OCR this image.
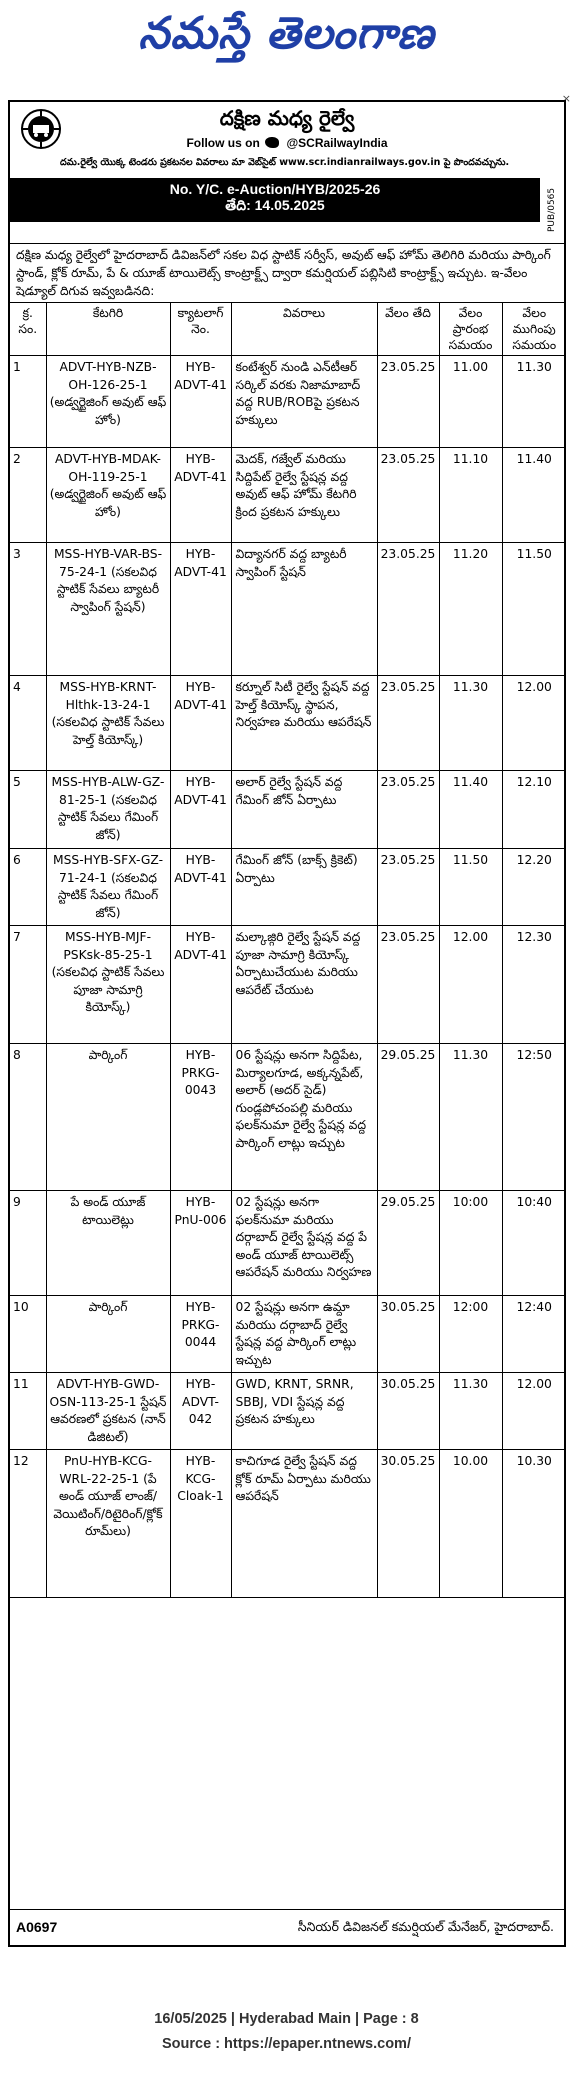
నమస్తే తెలంగాణ
×
దక్షిణ మధ్య రైల్వే
Follow us on @SCRailwayIndia
దమ.రైల్వే యొక్క టెండరు ప్రకటనల వివరాలు మా వెబ్‌సైట్ www.scr.indianrailways.gov.in పై పొందవచ్చును.
No. Y/C. e-Auction/HYB/2025-26
తేది: 14.05.2025	PUB/0565
దక్షిణ మధ్య రైల్వేలో హైదరాబాద్ డివిజన్‌లో సకల విధ స్టాటిక్ సర్వీస్, అవుట్ ఆఫ్ హోమ్ తెలిగిరి మరియు పార్కింగ్ స్టాండ్, క్లోక్ రూమ్, పే & యూజ్ టాయిలెట్స్ కాంట్రాక్ట్స్ ద్వారా కమర్షియల్ పబ్లిసిటి కాంట్రాక్ట్స్ ఇచ్చుట. ఇ-వేలం షెడ్యూల్ దిగువ ఇవ్వబడినది:
క్ర. సం.	కేటగిరి	క్యాటలాగ్ నెం.	వివరాలు	వేలం తేది	వేలం ప్రారంభ సమయం	వేలం ముగింపు సమయం
1	ADVT-HYB-NZB-OH-126-25-1 (అడ్వర్టైజింగ్ అవుట్ ఆఫ్ హోం)	HYB-ADVT-41	కంటేశ్వర్ నుండి ఎన్‌టీఆర్ సర్కిల్ వరకు నిజామాబాద్ వద్ద RUB/ROBపై ప్రకటన హక్కులు	23.05.25	11.00	11.30
2	ADVT-HYB-MDAK-OH-119-25-1 (అడ్వర్టైజింగ్ అవుట్ ఆఫ్ హోం)	HYB-ADVT-41	మెదక్, గజ్వేల్ మరియు సిద్దిపేట్ రైల్వే స్టేషన్ల వద్ద అవుట్ ఆఫ్ హోమ్ కేటగిరి క్రింద ప్రకటన హక్కులు	23.05.25	11.10	11.40
3	MSS-HYB-VAR-BS-75-24-1 (సకలవిధ స్టాటిక్ సేవలు బ్యాటరీ స్వాపింగ్ స్టేషన్)	HYB-ADVT-41	విద్యానగర్ వద్ద బ్యాటరీ స్వాపింగ్ స్టేషన్	23.05.25	11.20	11.50
4	MSS-HYB-KRNT-Hlthk-13-24-1 (సకలవిధ స్టాటిక్ సేవలు హెల్త్ కియోస్క్)	HYB-ADVT-41	కర్నూల్ సిటీ రైల్వే స్టేషన్ వద్ద హెల్త్ కియోస్క్ స్థాపన, నిర్వహణ మరియు ఆపరేషన్	23.05.25	11.30	12.00
5	MSS-HYB-ALW-GZ-81-25-1 (సకలవిధ స్టాటిక్ సేవలు గేమింగ్ జోన్)	HYB-ADVT-41	అలార్ రైల్వే స్టేషన్ వద్ద గేమింగ్ జోన్ ఏర్పాటు	23.05.25	11.40	12.10
6	MSS-HYB-SFX-GZ-71-24-1 (సకలవిధ స్టాటిక్ సేవలు గేమింగ్ జోన్)	HYB-ADVT-41	గేమింగ్ జోన్ (బాక్స్ క్రికెట్) ఏర్పాటు	23.05.25	11.50	12.20
7	MSS-HYB-MJF-PSKsk-85-25-1 (సకలవిధ స్టాటిక్ సేవలు పూజా సామాగ్రి కియోస్క్)	HYB-ADVT-41	మల్కాజ్గిరి రైల్వే స్టేషన్ వద్ద పూజా సామాగ్రి కియోస్క్ ఏర్పాటుచేయుట మరియు ఆపరేట్ చేయుట	23.05.25	12.00	12.30
8	పార్కింగ్	HYB-PRKG-0043	06 స్టేషన్లు అనగా సిద్దిపేట, మిర్యాలగూడ, అక్కన్నపేట్, అలార్ (అదర్ సైడ్) గుండ్లపోచంపల్లి మరియు ఫలక్‌నుమా రైల్వే స్టేషన్ల వద్ద పార్కింగ్ లాట్లు ఇచ్చుట	29.05.25	11.30	12:50
9	పే అండ్ యూజ్ టాయిలెట్లు	HYB-PnU-006	02 స్టేషన్లు అనగా ఫలక్‌నుమా మరియు దర్గాబాద్ రైల్వే స్టేషన్ల వద్ద పే అండ్ యూజ్ టాయిలెట్స్ ఆపరేషన్ మరియు నిర్వహణ	29.05.25	10:00	10:40
10	పార్కింగ్	HYB-PRKG-0044	02 స్టేషన్లు అనగా ఉమ్దా మరియు దర్గాబాద్ రైల్వే స్టేషన్ల వద్ద పార్కింగ్ లాట్లు ఇచ్చుట	30.05.25	12:00	12:40
11	ADVT-HYB-GWD-OSN-113-25-1 స్టేషన్ ఆవరణలో ప్రకటన (నాన్ డిజిటల్)	HYB-ADVT-042	GWD, KRNT, SRNR, SBBJ, VDI స్టేషన్ల వద్ద ప్రకటన హక్కులు	30.05.25	11.30	12.00
12	PnU-HYB-KCG-WRL-22-25-1 (పే అండ్ యూజ్ లాంజ్/వెయిటింగ్/రిటైరింగ్/క్లోక్ రూమ్‌లు)	HYB-KCG-Cloak-1	కాచిగూడ రైల్వే స్టేషన్ వద్ద క్లోక్ రూమ్ ఏర్పాటు మరియు ఆపరేషన్	30.05.25	10.00	10.30
A0697	సీనియర్ డివిజనల్ కమర్షియల్ మేనేజర్, హైదరాబాద్.
16/05/2025 | Hyderabad Main | Page : 8
Source : https://epaper.ntnews.com/
